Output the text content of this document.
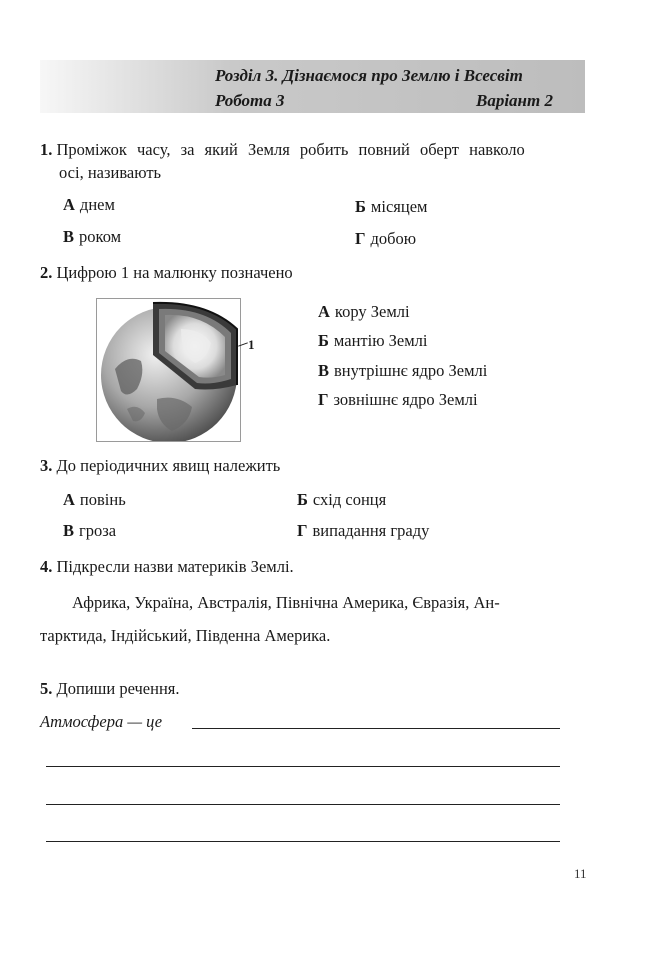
Розділ 3. Дізнаємося про Землю і Всесвіт
Робота 3	Варіант 2
1. Проміжок часу, за який Земля робить повний оберт навколо
осі, називають
А днем	Б місяцем
В роком	Г добою
2. Цифрою 1 на малюнку позначено
1
А кору Землі
Б мантію Землі
В внутрішнє ядро Землі
Г зовнішнє ядро Землі
3. До періодичних явищ належить
А повінь	Б схід сонця
В гроза	Г випадання граду
4. Підкресли назви материків Землі.
Африка, Україна, Австралія, Північна Америка, Євразія, Ан-
тарктида, Індійський, Південна Америка.
5. Допиши речення.
Атмосфера — це
11
